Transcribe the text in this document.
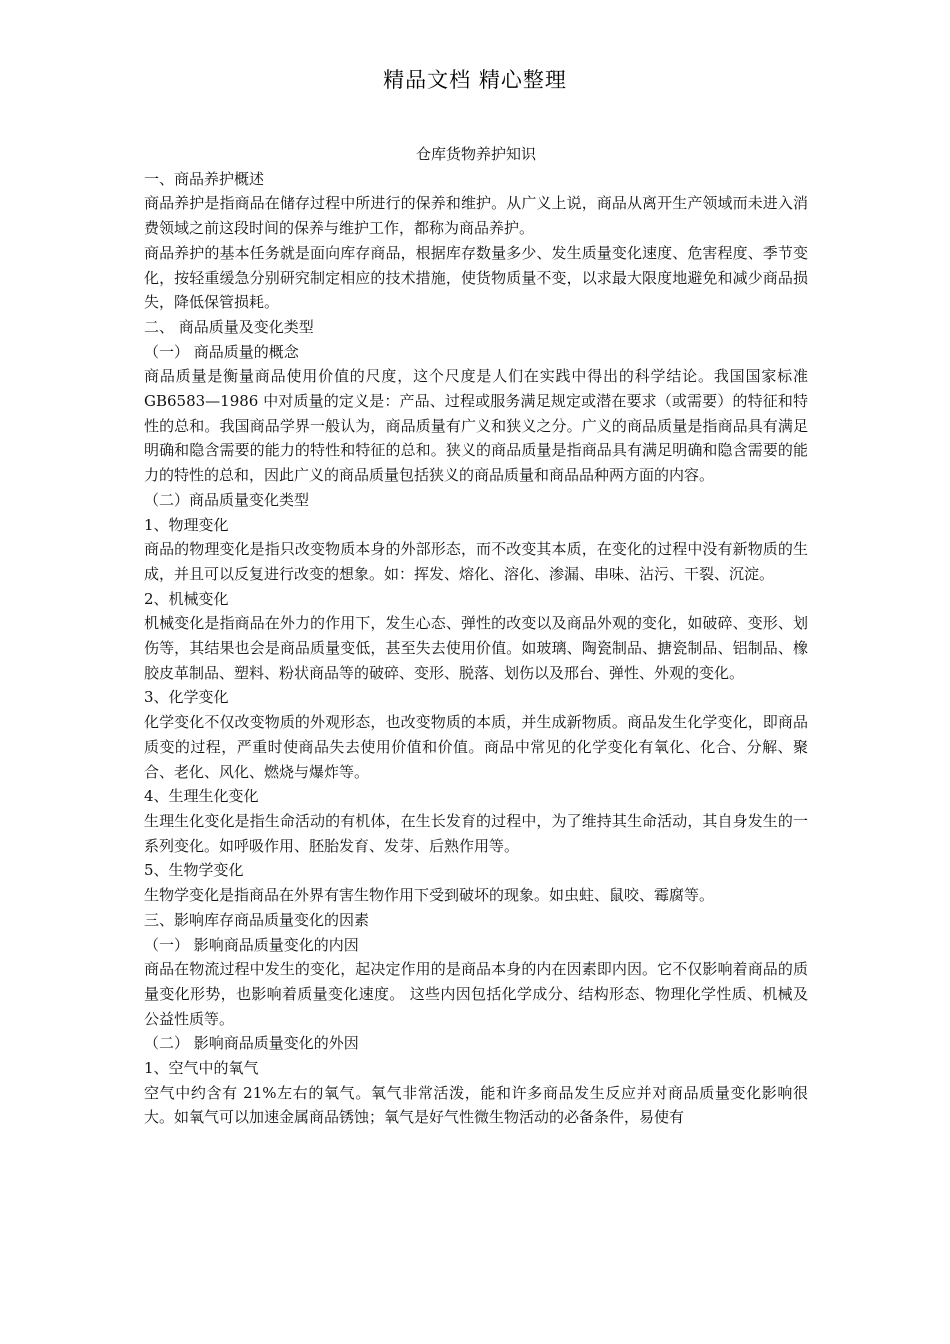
精品文档 精心整理

仓库货物养护知识

一、商品养护概述

商品养护是指商品在储存过程中所进行的保养和维护。从广义上说，商品从离开生产领域而未进入消费领域之前这段时间的保养与维护工作，都称为商品养护。

商品养护的基本任务就是面向库存商品，根据库存数量多少、发生质量变化速度、危害程度、季节变化，按轻重缓急分别研究制定相应的技术措施，使货物质量不变，以求最大限度地避免和减少商品损失，降低保管损耗。

二、 商品质量及变化类型

（一） 商品质量的概念

商品质量是衡量商品使用价值的尺度，这个尺度是人们在实践中得出的科学结论。我国国家标准 GB6583—1986 中对质量的定义是：产品、过程或服务满足规定或潜在要求（或需要）的特征和特性的总和。我国商品学界一般认为，商品质量有广义和狭义之分。广义的商品质量是指商品具有满足明确和隐含需要的能力的特性和特征的总和。狭义的商品质量是指商品具有满足明确和隐含需要的能力的特性的总和，因此广义的商品质量包括狭义的商品质量和商品品种两方面的内容。

（二）商品质量变化类型

1、物理变化

商品的物理变化是指只改变物质本身的外部形态，而不改变其本质，在变化的过程中没有新物质的生成，并且可以反复进行改变的想象。如：挥发、熔化、溶化、渗漏、串味、沾污、干裂、沉淀。

2、机械变化

机械变化是指商品在外力的作用下，发生心态、弹性的改变以及商品外观的变化，如破碎、变形、划伤等，其结果也会是商品质量变低，甚至失去使用价值。如玻璃、陶瓷制品、搪瓷制品、铝制品、橡胶皮革制品、塑料、粉状商品等的破碎、变形、脱落、划伤以及邢台、弹性、外观的变化。

3、化学变化

化学变化不仅改变物质的外观形态，也改变物质的本质，并生成新物质。商品发生化学变化，即商品质变的过程，严重时使商品失去使用价值和价值。商品中常见的化学变化有氧化、化合、分解、聚合、老化、风化、燃烧与爆炸等。

4、生理生化变化

生理生化变化是指生命活动的有机体，在生长发育的过程中，为了维持其生命活动，其自身发生的一系列变化。如呼吸作用、胚胎发育、发芽、后熟作用等。

5、生物学变化

生物学变化是指商品在外界有害生物作用下受到破坏的现象。如虫蛀、鼠咬、霉腐等。

三、影响库存商品质量变化的因素

（一） 影响商品质量变化的内因

商品在物流过程中发生的变化，起决定作用的是商品本身的内在因素即内因。它不仅影响着商品的质量变化形势，也影响着质量变化速度。 这些内因包括化学成分、结构形态、物理化学性质、机械及公益性质等。

（二） 影响商品质量变化的外因

1、空气中的氧气

空气中约含有 21%左右的氧气。氧气非常活泼，能和许多商品发生反应并对商品质量变化影响很大。如氧气可以加速金属商品锈蚀；氧气是好气性微生物活动的必备条件，易使有
